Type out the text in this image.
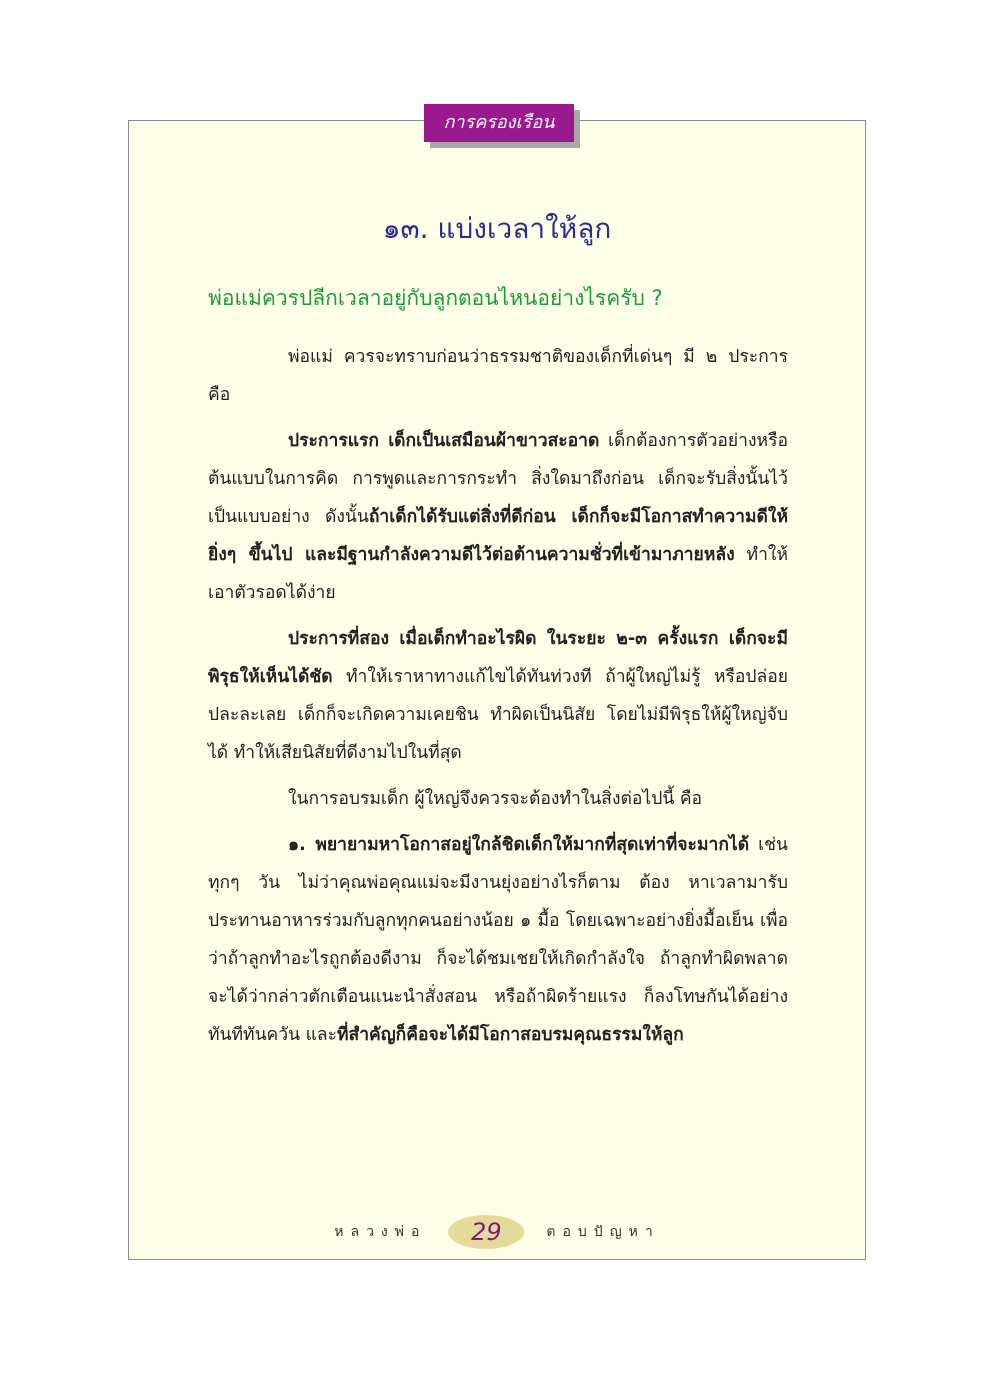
การครองเรือน
๑๓. แบ่งเวลาให้ลูก
พ่อแม่ควรปลีกเวลาอยู่กับลูกตอนไหนอย่างไรครับ ?

พ่อแม่ ควรจะทราบก่อนว่าธรรมชาติของเด็กที่เด่นๆ มี ๒ ประการ คือ

ประการแรก เด็กเป็นเสมือนผ้าขาวสะอาด เด็กต้องการตัวอย่างหรือต้นแบบในการคิด การพูดและการกระทำ สิ่งใดมาถึงก่อน เด็กจะรับสิ่งนั้นไว้เป็นแบบอย่าง ดังนั้นถ้าเด็กได้รับแต่สิ่งที่ดีก่อน เด็กก็จะมีโอกาสทำความดีให้ยิ่งๆ ขึ้นไป และมีฐานกำลังความดีไว้ต่อต้านความชั่วที่เข้ามาภายหลัง ทำให้เอาตัวรอดได้ง่าย

ประการที่สอง เมื่อเด็กทำอะไรผิด ในระยะ ๒-๓ ครั้งแรก เด็กจะมีพิรุธให้เห็นได้ชัด ทำให้เราหาทางแก้ไขได้ทันท่วงที ถ้าผู้ใหญ่ไม่รู้ หรือปล่อยปละละเลย เด็กก็จะเกิดความเคยชิน ทำผิดเป็นนิสัย โดยไม่มีพิรุธให้ผู้ใหญ่จับได้ ทำให้เสียนิสัยที่ดีงามไปในที่สุด

ในการอบรมเด็ก ผู้ใหญ่จึงควรจะต้องทำในสิ่งต่อไปนี้ คือ

๑. พยายามหาโอกาสอยู่ใกล้ชิดเด็กให้มากที่สุดเท่าที่จะมากได้ เช่น ทุกๆ วัน ไม่ว่าคุณพ่อคุณแม่จะมีงานยุ่งอย่างไรก็ตาม ต้อง หาเวลามารับประทานอาหารร่วมกับลูกทุกคนอย่างน้อย ๑ มื้อ โดยเฉพาะอย่างยิ่งมื้อเย็น เพื่อว่าถ้าลูกทำอะไรถูกต้องดีงาม ก็จะได้ชมเชยให้เกิดกำลังใจ ถ้าลูกทำผิดพลาด จะได้ว่ากล่าวตักเตือนแนะนำสั่งสอน หรือถ้าผิดร้ายแรง ก็ลงโทษกันได้อย่างทันทีทันควัน และที่สำคัญก็คือจะได้มีโอกาสอบรมคุณธรรมให้ลูก

หลวงพ่อ	29	ตอบปัญหา
